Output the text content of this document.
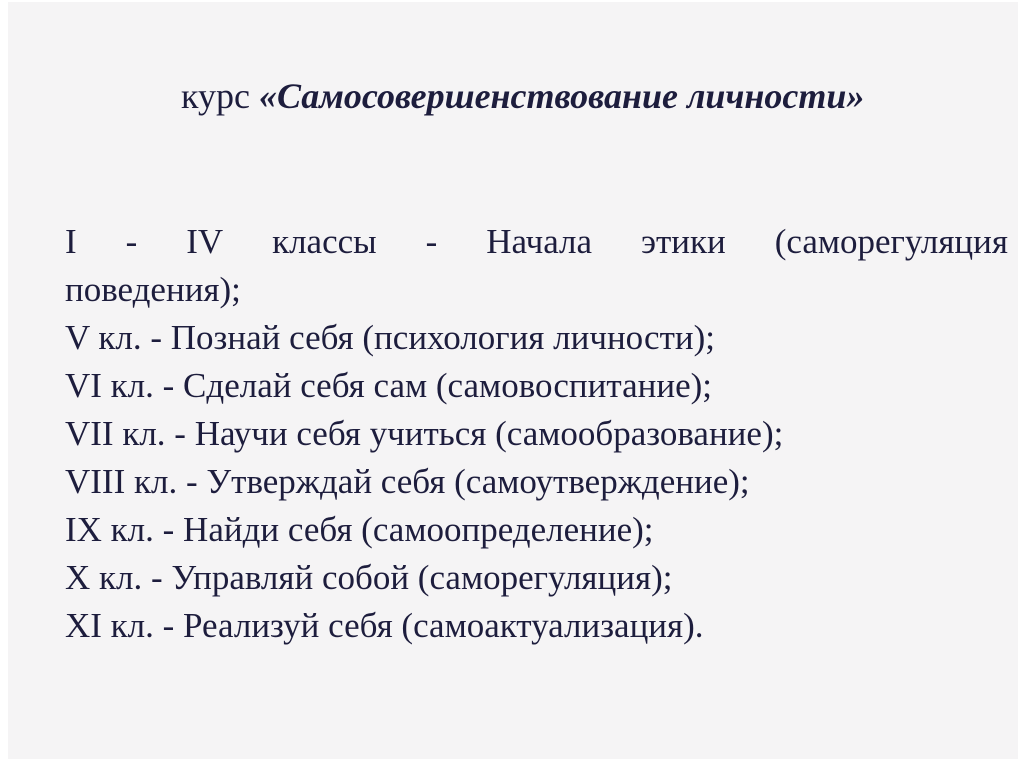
курс «Самосовершенствование личности»
I - IV классы - Начала этики (саморегуляция
поведения);
V кл. - Познай себя (психология личности);
VI кл. - Сделай себя сам (самовоспитание);
VII кл. - Научи себя учиться (самообразование);
VIII кл. - Утверждай себя (самоутверждение);
IX кл. - Найди себя (самоопределение);
X кл. - Управляй собой (саморегуляция);
XI кл. - Реализуй себя (самоактуализация).
